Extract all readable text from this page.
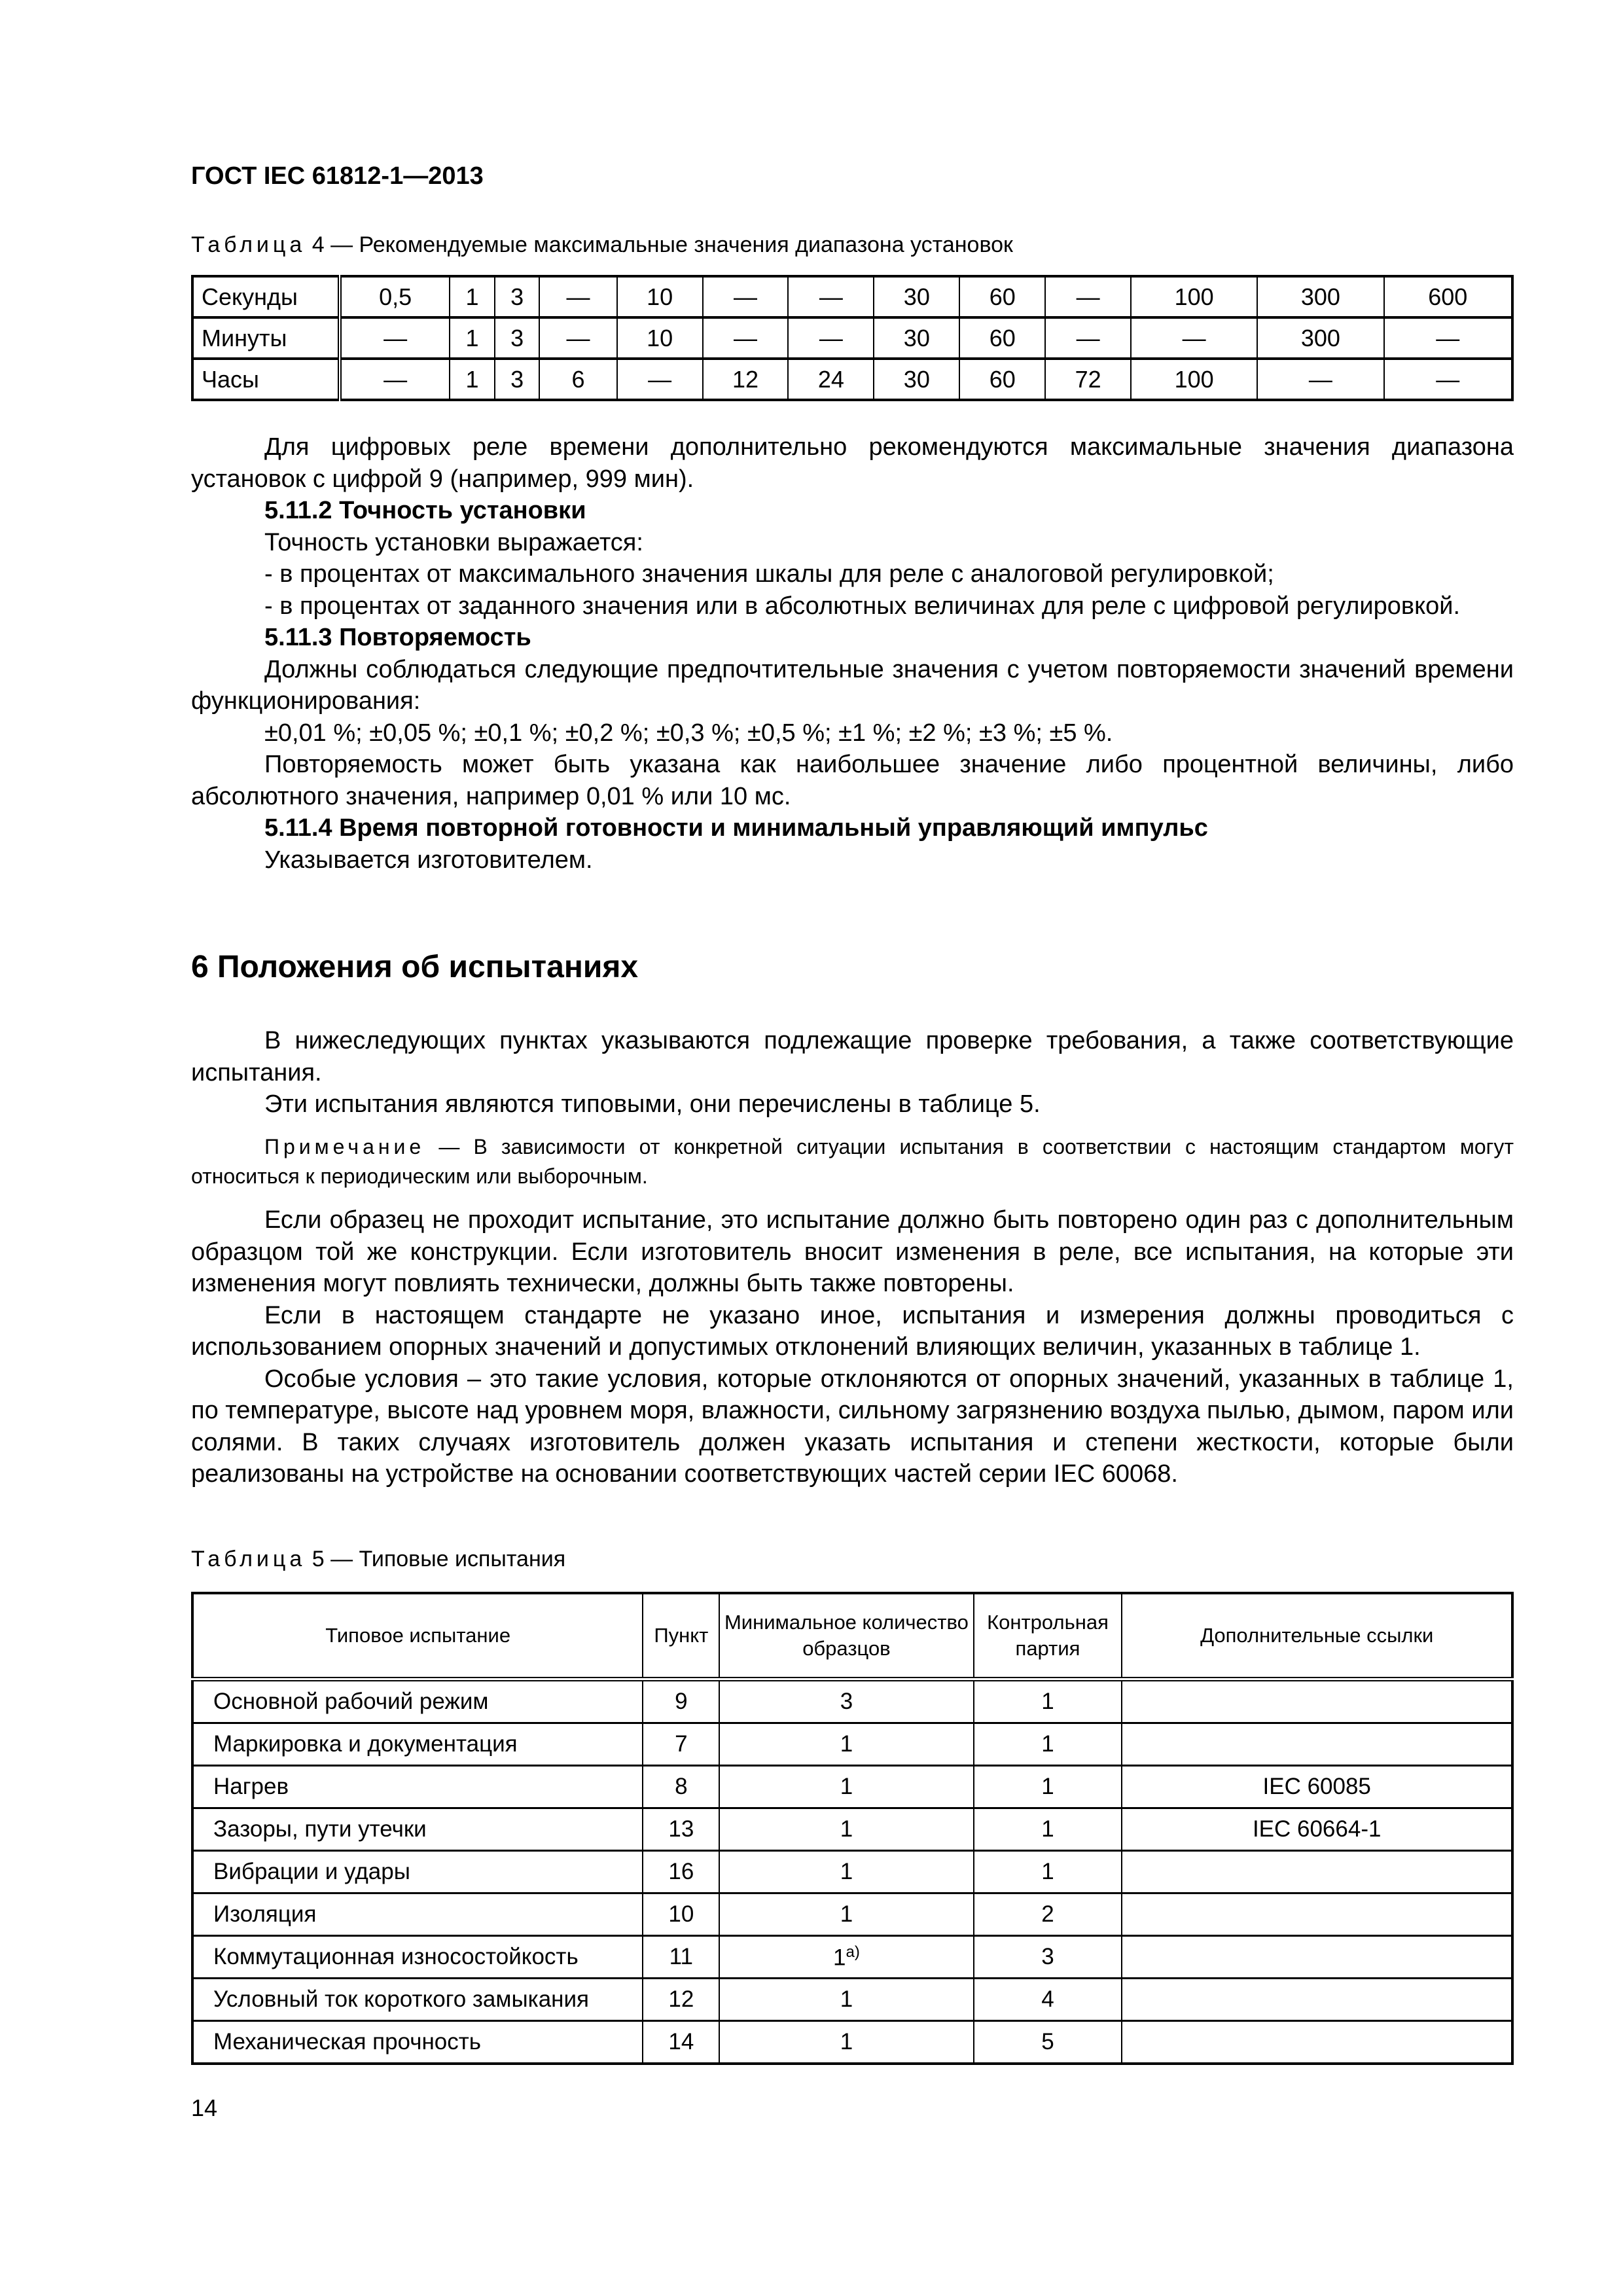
ГОСТ IEC 61812-1—2013
Таблица 4 — Рекомендуемые максимальные значения диапазона установок
Секунды	0,5	1	3	—	10	—	—	30	60	—	100	300	600
Минуты	—	1	3	—	10	—	—	30	60	—	—	300	—
Часы	—	1	3	6	—	12	24	30	60	72	100	—	—

Для цифровых реле времени дополнительно рекомендуются максимальные значения диапазона установок с цифрой 9 (например, 999 мин).

5.11.2 Точность установки

Точность установки выражается:

- в процентах от максимального значения шкалы для реле с аналоговой регулировкой;

- в процентах от заданного значения или в абсолютных величинах для реле с цифровой регулировкой.

5.11.3 Повторяемость

Должны соблюдаться следующие предпочтительные значения с учетом повторяемости значений времени функционирования:

±0,01 %; ±0,05 %; ±0,1 %; ±0,2 %; ±0,3 %; ±0,5 %; ±1 %; ±2 %; ±3 %; ±5 %.

Повторяемость может быть указана как наибольшее значение либо процентной величины, либо абсолютного значения, например 0,01 % или 10 мс.

5.11.4 Время повторной готовности и минимальный управляющий импульс

Указывается изготовителем.

6 Положения об испытаниях

В нижеследующих пунктах указываются подлежащие проверке требования, а также соответствующие испытания.

Эти испытания являются типовыми, они перечислены в таблице 5.

Примечание — В зависимости от конкретной ситуации испытания в соответствии с настоящим стандартом могут относиться к периодическим или выборочным.

Если образец не проходит испытание, это испытание должно быть повторено один раз с дополнительным образцом той же конструкции. Если изготовитель вносит изменения в реле, все испытания, на которые эти изменения могут повлиять технически, должны быть также повторены.

Если в настоящем стандарте не указано иное, испытания и измерения должны проводиться с использованием опорных значений и допустимых отклонений влияющих величин, указанных в таблице 1.

Особые условия – это такие условия, которые отклоняются от опорных значений, указанных в таблице 1, по температуре, высоте над уровнем моря, влажности, сильному загрязнению воздуха пылью, дымом, паром или солями. В таких случаях изготовитель должен указать испытания и степени жесткости, которые были реализованы на устройстве на основании соответствующих частей серии IEC 60068.

Таблица 5 — Типовые испытания
Типовое испытание	Пункт	Минимальное количество образцов	Контрольная партия	Дополнительные ссылки
Основной рабочий режим	9	3	1	
Маркировка и документация	7	1	1	
Нагрев	8	1	1	IEC 60085
Зазоры, пути утечки	13	1	1	IEC 60664-1
Вибрации и удары	16	1	1	
Изоляция	10	1	2	
Коммутационная износостойкость	11	1$^{a)}$	3	
Условный ток короткого замыкания	12	1	4	
Механическая прочность	14	1	5	
14
